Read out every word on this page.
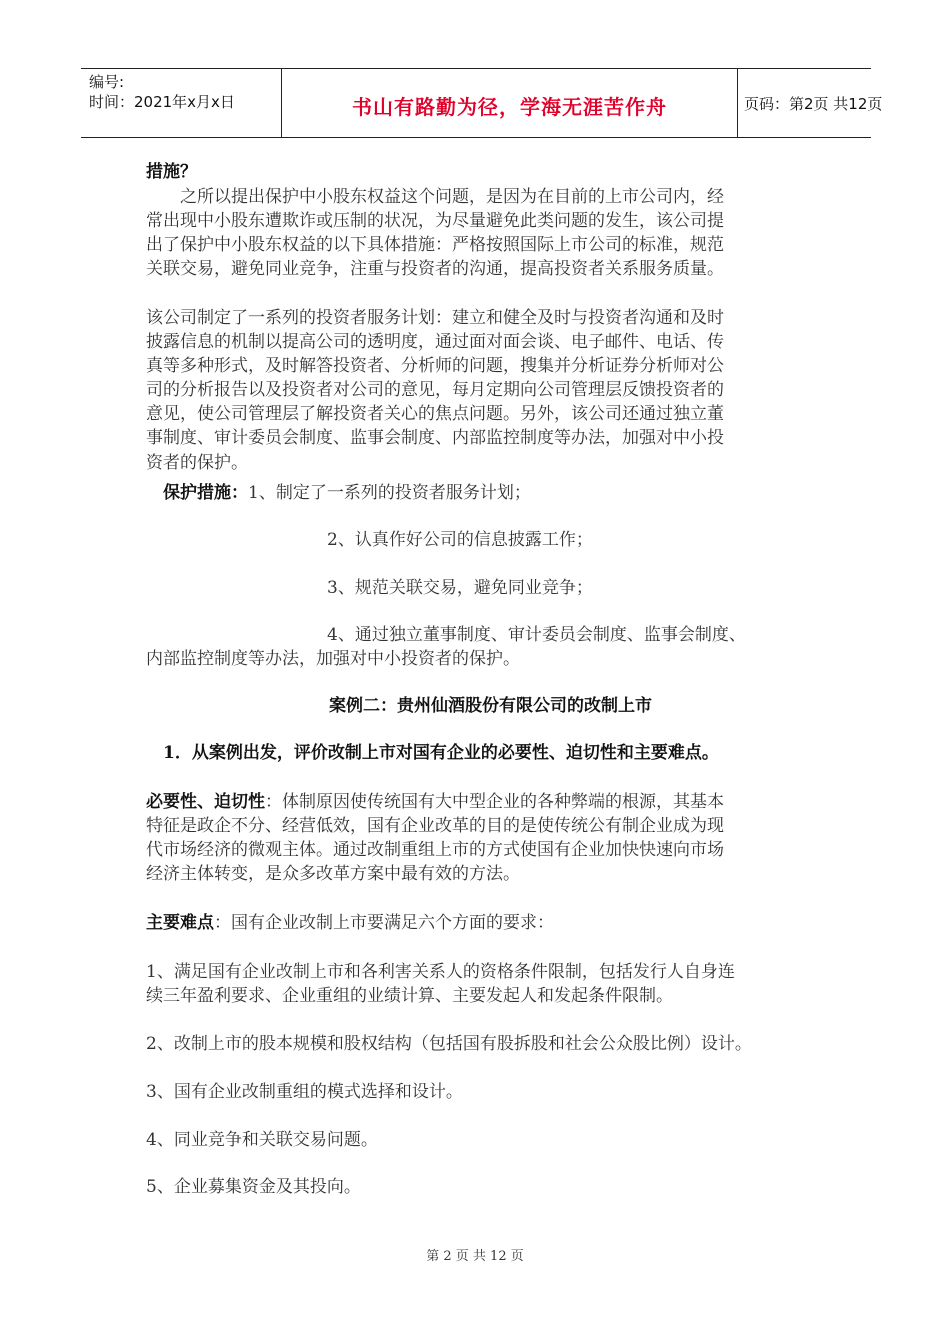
编号:
时间：2021年x月x日	书山有路勤为径，学海无涯苦作舟	页码：第2页 共12页
措施？
之所以提出保护中小股东权益这个问题，是因为在目前的上市公司内，经
常出现中小股东遭欺诈或压制的状况，为尽量避免此类问题的发生，该公司提
出了保护中小股东权益的以下具体措施：严格按照国际上市公司的标准，规范
关联交易，避免同业竞争，注重与投资者的沟通，提高投资者关系服务质量。
该公司制定了一系列的投资者服务计划：建立和健全及时与投资者沟通和及时
披露信息的机制以提高公司的透明度，通过面对面会谈、电子邮件、电话、传
真等多种形式，及时解答投资者、分析师的问题，搜集并分析证券分析师对公
司的分析报告以及投资者对公司的意见，每月定期向公司管理层反馈投资者的
意见，使公司管理层了解投资者关心的焦点问题。另外，该公司还通过独立董
事制度、审计委员会制度、监事会制度、内部监控制度等办法，加强对中小投
资者的保护。
保护措施：1、制定了一系列的投资者服务计划；
2、认真作好公司的信息披露工作；
3、规范关联交易，避免同业竞争；
4、通过独立董事制度、审计委员会制度、监事会制度、
内部监控制度等办法，加强对中小投资者的保护。
案例二：贵州仙酒股份有限公司的改制上市
1．从案例出发，评价改制上市对国有企业的必要性、迫切性和主要难点。
必要性、迫切性：体制原因使传统国有大中型企业的各种弊端的根源，其基本
特征是政企不分、经营低效，国有企业改革的目的是使传统公有制企业成为现
代市场经济的微观主体。通过改制重组上市的方式使国有企业加快快速向市场
经济主体转变，是众多改革方案中最有效的方法。
主要难点：国有企业改制上市要满足六个方面的要求：
1、满足国有企业改制上市和各利害关系人的资格条件限制，包括发行人自身连
续三年盈利要求、企业重组的业绩计算、主要发起人和发起条件限制。
2、改制上市的股本规模和股权结构（包括国有股拆股和社会公众股比例）设计。
3、国有企业改制重组的模式选择和设计。
4、同业竞争和关联交易问题。
5、企业募集资金及其投向。
第 2 页 共 12 页
